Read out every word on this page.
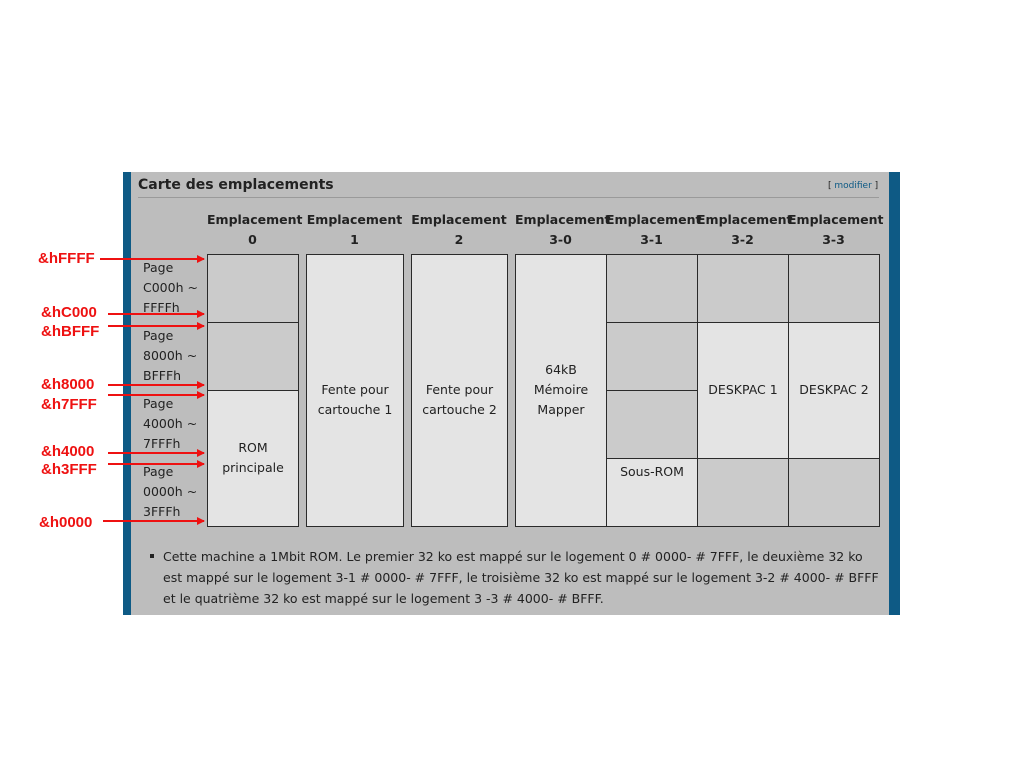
Carte des emplacements	[ modifier ]
Emplacement
0
Emplacement
1
Emplacement
2
Emplacement
3-0
Emplacement
3-1
Emplacement
3-2
Emplacement
3-3
Page
C000h ~
FFFFh
Page
8000h ~
BFFFh
Page
4000h ~
7FFFh
Page
0000h ~
3FFFh
ROM
principale
Fente pour
cartouche 1
Fente pour
cartouche 2
64kB
Mémoire
Mapper
Sous-ROM
DESKPAC 1	DESKPAC 2
&hFFFF
&hC000
&hBFFF
&h8000
&h7FFF
&h4000
&h3FFF
&h0000
Cette machine a 1Mbit ROM. Le premier 32 ko est mappé sur le logement 0 # 0000- # 7FFF, le deuxième 32 ko est mappé sur le logement 3-1 # 0000- # 7FFF, le troisième 32 ko est mappé sur le logement 3-2 # 4000- # BFFF et le quatrième 32 ko est mappé sur le logement 3 -3 # 4000- # BFFF.
